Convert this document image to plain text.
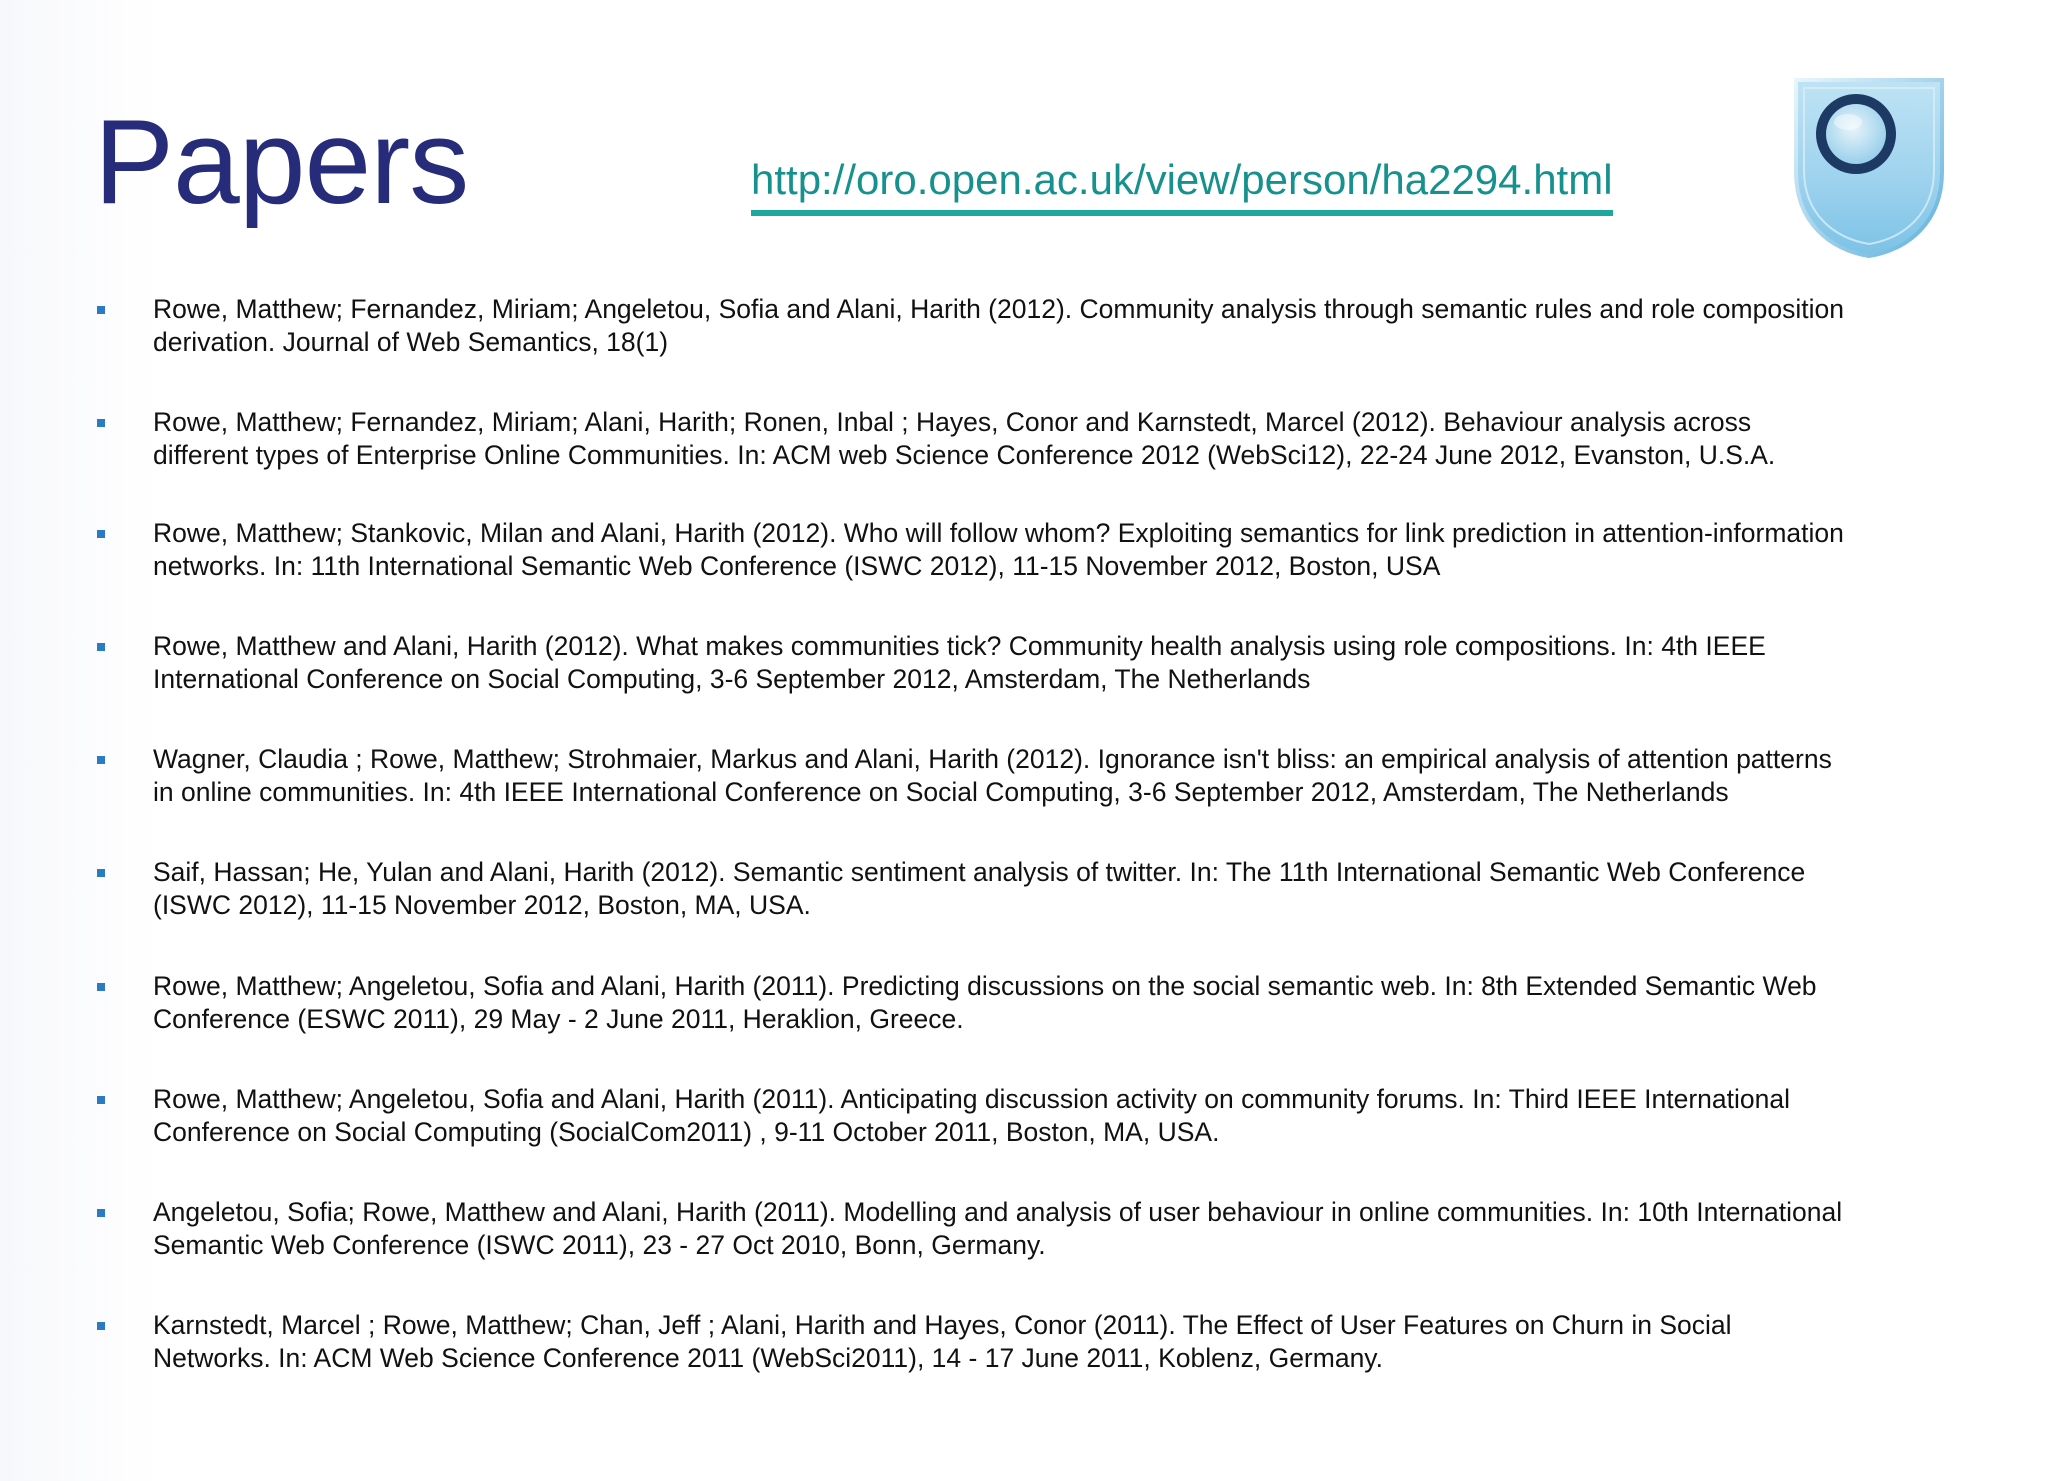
Papers	http://oro.open.ac.uk/view/person/ha2294.html
Rowe, Matthew; Fernandez, Miriam; Angeletou, Sofia and Alani, Harith (2012). Community analysis through semantic rules and role composition
derivation. Journal of Web Semantics, 18(1)
Rowe, Matthew; Fernandez, Miriam; Alani, Harith; Ronen, Inbal ; Hayes, Conor and Karnstedt, Marcel (2012). Behaviour analysis across
different types of Enterprise Online Communities. In: ACM web Science Conference 2012 (WebSci12), 22-24 June 2012, Evanston, U.S.A.
Rowe, Matthew; Stankovic, Milan and Alani, Harith (2012). Who will follow whom? Exploiting semantics for link prediction in attention-information
networks. In: 11th International Semantic Web Conference (ISWC 2012), 11-15 November 2012, Boston, USA
Rowe, Matthew and Alani, Harith (2012). What makes communities tick? Community health analysis using role compositions. In: 4th IEEE
International Conference on Social Computing, 3-6 September 2012, Amsterdam, The Netherlands
Wagner, Claudia ; Rowe, Matthew; Strohmaier, Markus and Alani, Harith (2012). Ignorance isn't bliss: an empirical analysis of attention patterns
in online communities. In: 4th IEEE International Conference on Social Computing, 3-6 September 2012, Amsterdam, The Netherlands
Saif, Hassan; He, Yulan and Alani, Harith (2012). Semantic sentiment analysis of twitter. In: The 11th International Semantic Web Conference
(ISWC 2012), 11-15 November 2012, Boston, MA, USA.
Rowe, Matthew; Angeletou, Sofia and Alani, Harith (2011). Predicting discussions on the social semantic web. In: 8th Extended Semantic Web
Conference (ESWC 2011), 29 May - 2 June 2011, Heraklion, Greece.
Rowe, Matthew; Angeletou, Sofia and Alani, Harith (2011). Anticipating discussion activity on community forums. In: Third IEEE International
Conference on Social Computing (SocialCom2011) , 9-11 October 2011, Boston, MA, USA.
Angeletou, Sofia; Rowe, Matthew and Alani, Harith (2011). Modelling and analysis of user behaviour in online communities. In: 10th International
Semantic Web Conference (ISWC 2011), 23 - 27 Oct 2010, Bonn, Germany.
Karnstedt, Marcel ; Rowe, Matthew; Chan, Jeff ; Alani, Harith and Hayes, Conor (2011). The Effect of User Features on Churn in Social
Networks. In: ACM Web Science Conference 2011 (WebSci2011), 14 - 17 June 2011, Koblenz, Germany.
